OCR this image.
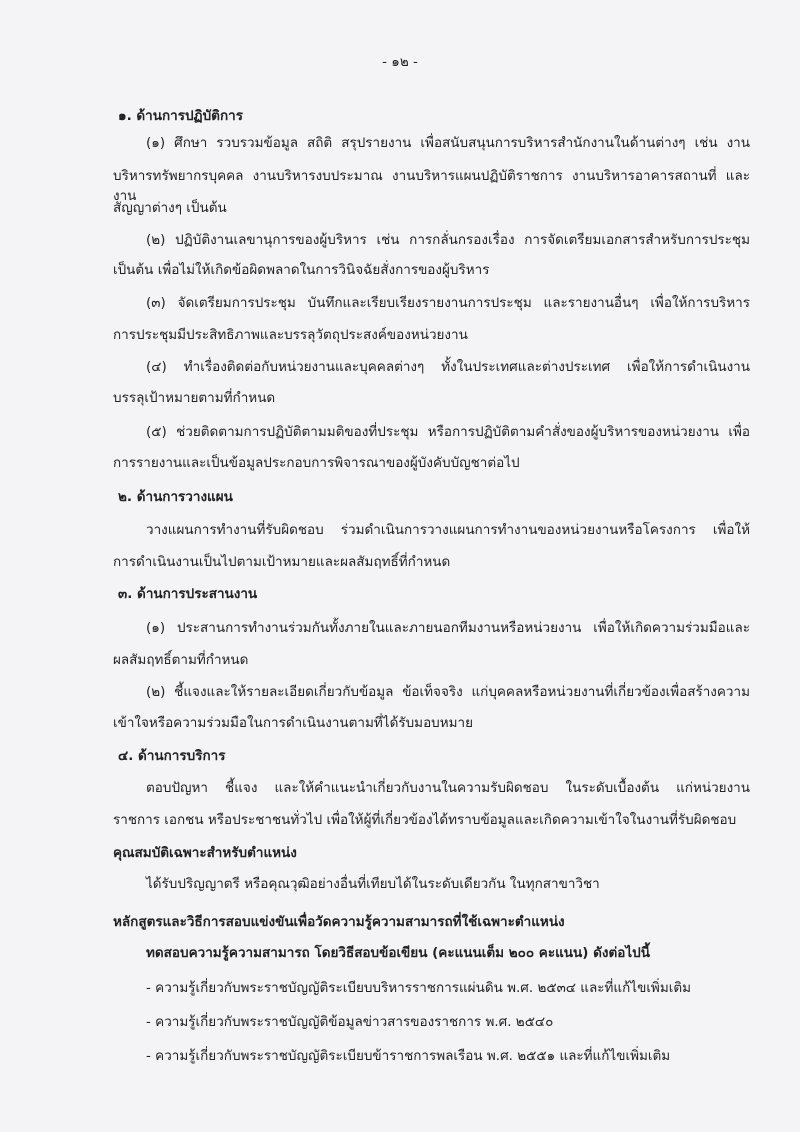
- ๑๒ -
๑. ด้านการปฏิบัติการ
(๑) ศึกษา รวบรวมข้อมูล สถิติ สรุปรายงาน เพื่อสนับสนุนการบริหารสำนักงานในด้านต่างๆ เช่น งาน
บริหารทรัพยากรบุคคล งานบริหารงบประมาณ งานบริหารแผนปฏิบัติราชการ งานบริหารอาคารสถานที่ และงาน
สัญญาต่างๆ เป็นต้น
(๒) ปฏิบัติงานเลขานุการของผู้บริหาร เช่น การกลั่นกรองเรื่อง การจัดเตรียมเอกสารสำหรับการประชุม
เป็นต้น เพื่อไม่ให้เกิดข้อผิดพลาดในการวินิจฉัยสั่งการของผู้บริหาร
(๓) จัดเตรียมการประชุม บันทึกและเรียบเรียงรายงานการประชุม และรายงานอื่นๆ เพื่อให้การบริหาร
การประชุมมีประสิทธิภาพและบรรลุวัตถุประสงค์ของหน่วยงาน
(๔) ทำเรื่องติดต่อกับหน่วยงานและบุคคลต่างๆ ทั้งในประเทศและต่างประเทศ เพื่อให้การดำเนินงาน
บรรลุเป้าหมายตามที่กำหนด
(๕) ช่วยติดตามการปฏิบัติตามมติของที่ประชุม หรือการปฏิบัติตามคำสั่งของผู้บริหารของหน่วยงาน เพื่อ
การรายงานและเป็นข้อมูลประกอบการพิจารณาของผู้บังคับบัญชาต่อไป
๒. ด้านการวางแผน
วางแผนการทำงานที่รับผิดชอบ ร่วมดำเนินการวางแผนการทำงานของหน่วยงานหรือโครงการ เพื่อให้
การดำเนินงานเป็นไปตามเป้าหมายและผลสัมฤทธิ์ที่กำหนด
๓. ด้านการประสานงาน
(๑) ประสานการทำงานร่วมกันทั้งภายในและภายนอกทีมงานหรือหน่วยงาน เพื่อให้เกิดความร่วมมือและ
ผลสัมฤทธิ์ตามที่กำหนด
(๒) ชี้แจงและให้รายละเอียดเกี่ยวกับข้อมูล ข้อเท็จจริง แก่บุคคลหรือหน่วยงานที่เกี่ยวข้องเพื่อสร้างความ
เข้าใจหรือความร่วมมือในการดำเนินงานตามที่ได้รับมอบหมาย
๔. ด้านการบริการ
ตอบปัญหา ชี้แจง และให้คำแนะนำเกี่ยวกับงานในความรับผิดชอบ ในระดับเบื้องต้น แก่หน่วยงาน
ราชการ เอกชน หรือประชาชนทั่วไป เพื่อให้ผู้ที่เกี่ยวข้องได้ทราบข้อมูลและเกิดความเข้าใจในงานที่รับผิดชอบ
คุณสมบัติเฉพาะสำหรับตำแหน่ง
ได้รับปริญญาตรี หรือคุณวุฒิอย่างอื่นที่เทียบได้ในระดับเดียวกัน ในทุกสาขาวิชา
หลักสูตรและวิธีการสอบแข่งขันเพื่อวัดความรู้ความสามารถที่ใช้เฉพาะตำแหน่ง
ทดสอบความรู้ความสามารถ โดยวิธีสอบข้อเขียน (คะแนนเต็ม ๒๐๐ คะแนน) ดังต่อไปนี้
- ความรู้เกี่ยวกับพระราชบัญญัติระเบียบบริหารราชการแผ่นดิน พ.ศ. ๒๕๓๔ และที่แก้ไขเพิ่มเติม
- ความรู้เกี่ยวกับพระราชบัญญัติข้อมูลข่าวสารของราชการ พ.ศ. ๒๕๔๐
- ความรู้เกี่ยวกับพระราชบัญญัติระเบียบข้าราชการพลเรือน พ.ศ. ๒๕๕๑ และที่แก้ไขเพิ่มเติม
